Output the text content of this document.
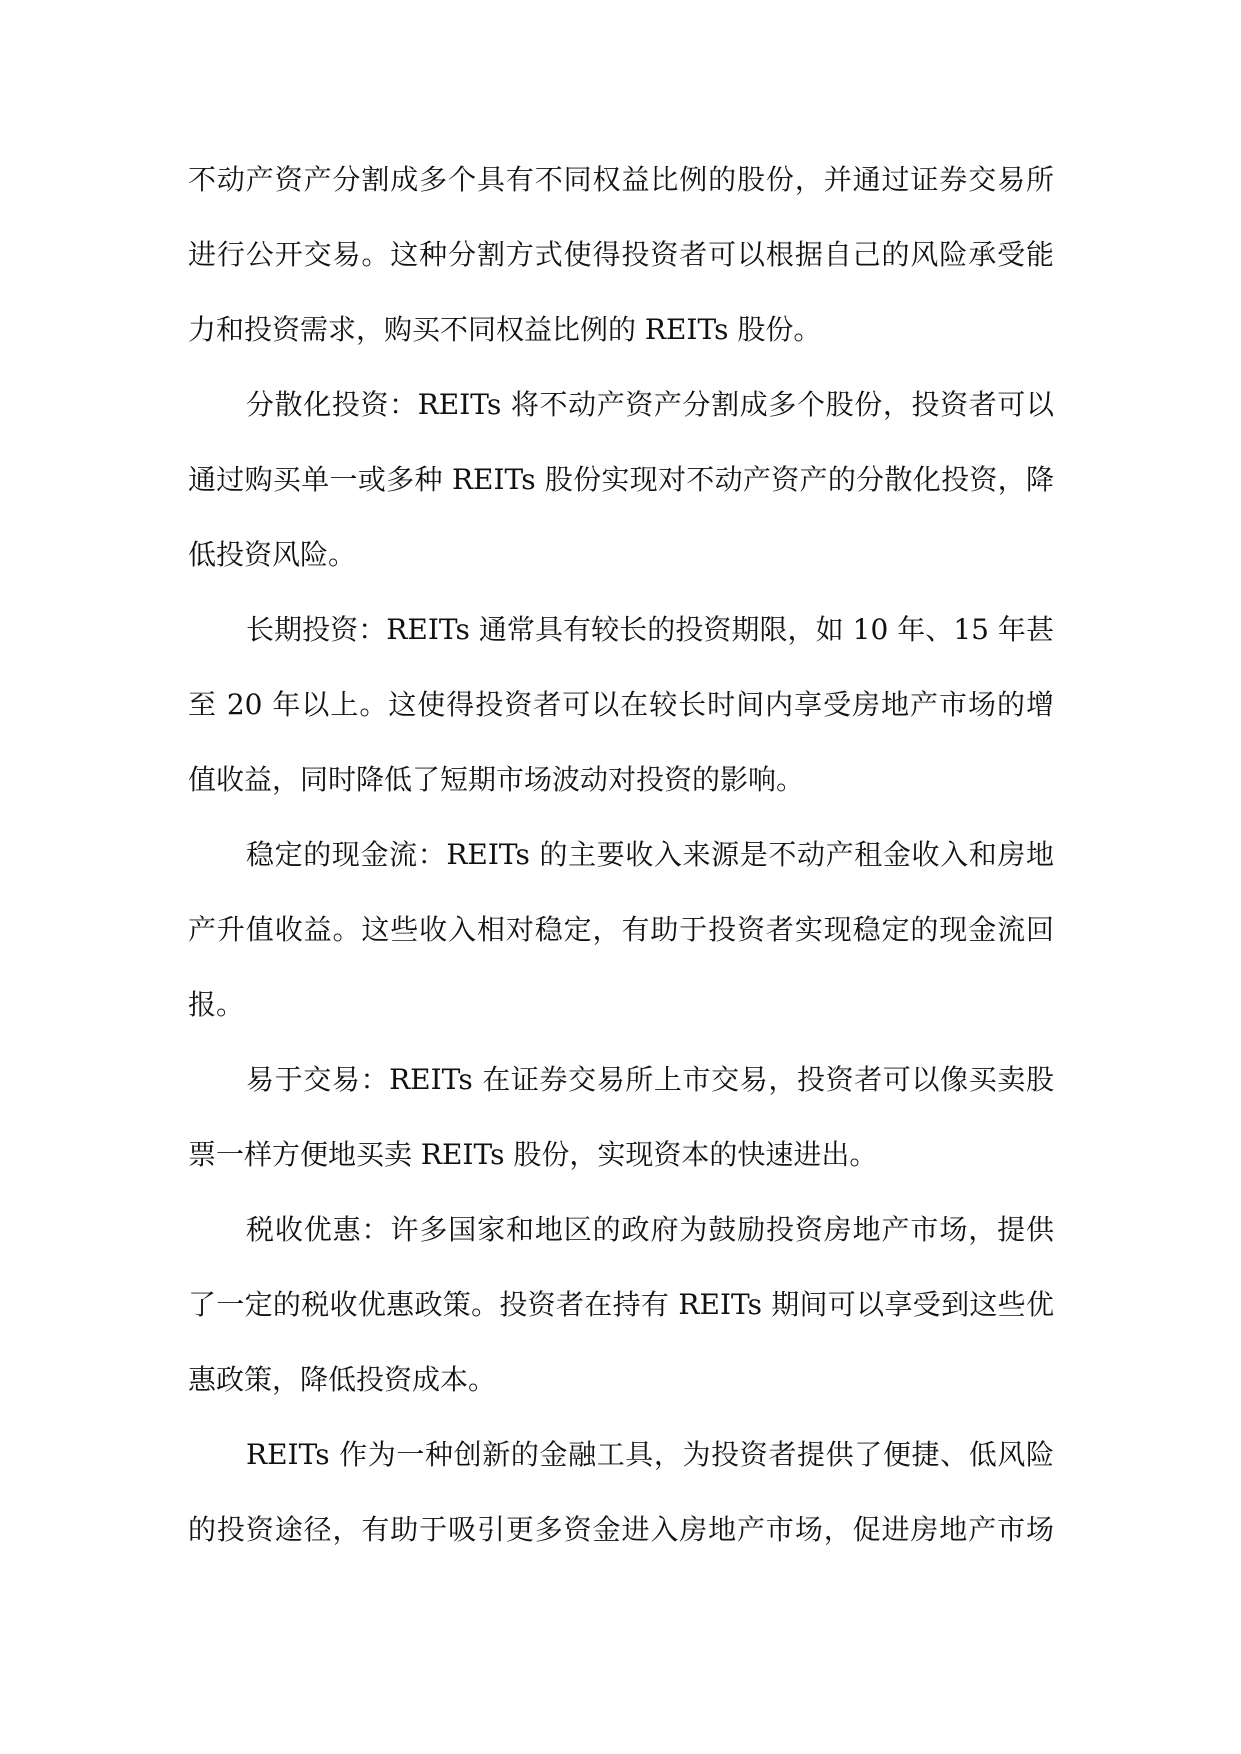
不动产资产分割成多个具有不同权益比例的股份，并通过证券交易所
进行公开交易。这种分割方式使得投资者可以根据自己的风险承受能
力和投资需求，购买不同权益比例的 REITs 股份。
分散化投资：REITs 将不动产资产分割成多个股份，投资者可以
通过购买单一或多种 REITs 股份实现对不动产资产的分散化投资，降
低投资风险。
长期投资：REITs 通常具有较长的投资期限，如 10 年、15 年甚
至 20 年以上。这使得投资者可以在较长时间内享受房地产市场的增
值收益，同时降低了短期市场波动对投资的影响。
稳定的现金流：REITs 的主要收入来源是不动产租金收入和房地
产升值收益。这些收入相对稳定，有助于投资者实现稳定的现金流回
报。
易于交易：REITs 在证券交易所上市交易，投资者可以像买卖股
票一样方便地买卖 REITs 股份，实现资本的快速进出。
税收优惠：许多国家和地区的政府为鼓励投资房地产市场，提供
了一定的税收优惠政策。投资者在持有 REITs 期间可以享受到这些优
惠政策，降低投资成本。
REITs 作为一种创新的金融工具，为投资者提供了便捷、低风险
的投资途径，有助于吸引更多资金进入房地产市场，促进房地产市场
